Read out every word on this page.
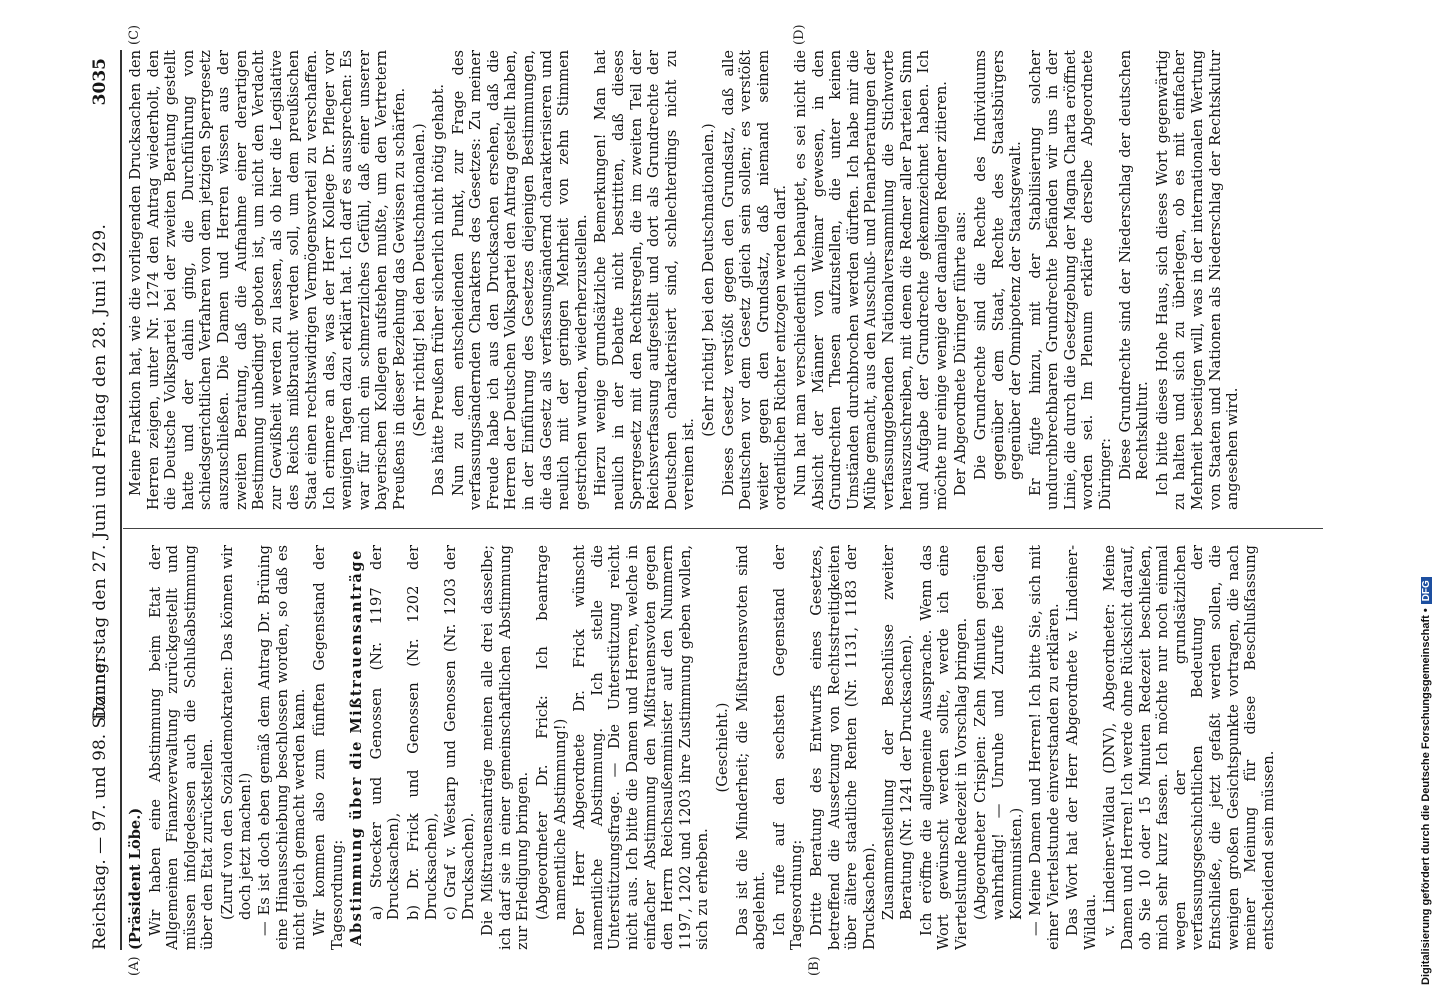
Reichstag. — 97. und 98. Sitzung.
Donnerstag den 27. Juni und Freitag den 28. Juni 1929.
3035
(A)	(B)
(C)	(D)

(Präsident Löbe.) Wir haben eine Abstimmung beim Etat der Allgemeinen Finanzverwaltung zurückgestellt und müssen infolgedessen auch die Schlußabstimmung über den Etat zurückstellen. (Zuruf von den Sozialdemokraten: Das können wir doch jetzt machen!) — Es ist doch eben gemäß dem Antrag Dr. Brüning eine Hinausschiebung beschlossen worden, so daß es nicht gleich gemacht werden kann. Wir kommen also zum fünften Gegenstand der Tagesordnung: Abstimmung über die Mißtrauensanträge a) Stoecker und Genossen (Nr. 1197 der Drucksachen), b) Dr. Frick und Genossen (Nr. 1202 der Drucksachen), c) Graf v. Westarp und Genossen (Nr. 1203 der Drucksachen). Die Mißtrauensanträge meinen alle drei dasselbe; ich darf sie in einer gemeinschaftlichen Abstimmung zur Erledigung bringen. (Abgeordneter Dr. Frick: Ich beantrage namentliche Abstimmung!) Der Herr Abgeordnete Dr. Frick wünscht namentliche Abstimmung. Ich stelle die Unterstützungsfrage. — Die Unterstützung reicht nicht aus. Ich bitte die Damen und Herren, welche in einfacher Abstimmung den Mißtrauensvoten gegen den Herrn Reichsaußenminister auf den Nummern 1197, 1202 und 1203 ihre Zustimmung geben wollen, sich zu erheben.

(Geschieht.) Das ist die Minderheit; die Mißtrauensvoten sind abgelehnt. Ich rufe auf den sechsten Gegenstand der Tagesordnung: Dritte Beratung des Entwurfs eines Gesetzes, betreffend die Aussetzung von Rechtsstreitigkeiten über ältere staatliche Renten (Nr. 1131, 1183 der Drucksachen). Zusammenstellung der Beschlüsse zweiter Beratung (Nr. 1241 der Drucksachen). Ich eröffne die allgemeine Aussprache. Wenn das Wort gewünscht werden sollte, werde ich eine Viertelstunde Redezeit in Vorschlag bringen. (Abgeordneter Crispien: Zehn Minuten genügen wahrhaftig! — Unruhe und Zurufe bei den Kommunisten.) — Meine Damen und Herren! Ich bitte Sie, sich mit einer Viertelstunde einverstanden zu erklären. Das Wort hat der Herr Abgeordnete v. Lindeiner-Wildau. v. Lindeiner-Wildau (DNV), Abgeordneter: Meine Damen und Herren! Ich werde ohne Rücksicht darauf, ob Sie 10 oder 15 Minuten Redezeit beschließen, mich sehr kurz fassen. Ich möchte nur noch einmal wegen der grundsätzlichen verfassungsgeschichtlichen Bedeutung der Entschließe, die jetzt gefaßt werden sollen, die wenigen großen Gesichtspunkte vortragen, die nach meiner Meinung für diese Beschlußfassung entscheidend sein müssen.

Meine Fraktion hat, wie die vorliegenden Drucksachen den Herren zeigen, unter Nr. 1274 den Antrag wiederholt, den die Deutsche Volkspartei bei der zweiten Beratung gestellt hatte und der dahin ging, die Durchführung von schiedsgerichtlichen Verfahren von dem jetzigen Sperrgesetz auszuschließen. Die Damen und Herren wissen aus der zweiten Beratung, daß die Aufnahme einer derartigen Bestimmung unbedingt geboten ist, um nicht den Verdacht zur Gewißheit werden zu lassen, als ob hier die Legislative des Reichs mißbraucht werden soll, um dem preußischen Staat einen rechtswidrigen Vermögensvorteil zu verschaffen. Ich erinnere an das, was der Herr Kollege Dr. Pfleger vor wenigen Tagen dazu erklärt hat. Ich darf es aussprechen: Es war für mich ein schmerzliches Gefühl, daß einer unserer bayerischen Kollegen aufstehen mußte, um den Vertretern Preußens in dieser Beziehung das Gewissen zu schärfen. (Sehr richtig! bei den Deutschnationalen.) Das hätte Preußen früher sicherlich nicht nötig gehabt. Nun zu dem entscheidenden Punkt, zur Frage des verfassungsändernden Charakters des Gesetzes: Zu meiner Freude habe ich aus den Drucksachen ersehen, daß die Herren der Deutschen Volkspartei den Antrag gestellt haben, in der Einführung des Gesetzes diejenigen Bestimmungen, die das Gesetz als verfassungsändernd charakterisieren und neulich mit der geringen Mehrheit von zehn Stimmen gestrichen wurden, wiederherzustellen. Hierzu wenige grundsätzliche Bemerkungen! Man hat neulich in der Debatte nicht bestritten, daß dieses Sperrgesetz mit den Rechtsregeln, die im zweiten Teil der Reichsverfassung aufgestellt und dort als Grundrechte der Deutschen charakterisiert sind, schlechterdings nicht zu vereinen ist.

(Sehr richtig! bei den Deutschnationalen.) Dieses Gesetz verstößt gegen den Grundsatz, daß alle Deutschen vor dem Gesetz gleich sein sollen; es verstößt weiter gegen den Grundsatz, daß niemand seinem ordentlichen Richter entzogen werden darf. Nun hat man verschiedentlich behauptet, es sei nicht die Absicht der Männer von Weimar gewesen, in den Grundrechten Thesen aufzustellen, die unter keinen Umständen durchbrochen werden dürften. Ich habe mir die Mühe gemacht, aus den Ausschuß- und Plenarberatungen der verfassunggebenden Nationalversammlung die Stichworte herauszuschreiben, mit denen die Redner aller Parteien Sinn und Aufgabe der Grundrechte gekennzeichnet haben. Ich möchte nur einige wenige der damaligen Redner zitieren. Der Abgeordnete Düringer führte aus: Die Grundrechte sind die Rechte des Individuums gegenüber dem Staat, Rechte des Staatsbürgers gegenüber der Omnipotenz der Staatsgewalt. Er fügte hinzu, mit der Stabilisierung solcher undurchbrechbaren Grundrechte befänden wir uns in der Linie, die durch die Gesetzgebung der Magna Charta eröffnet worden sei. Im Plenum erklärte derselbe Abgeordnete Düringer: Diese Grundrechte sind der Niederschlag der deutschen Rechtskultur. Ich bitte dieses Hohe Haus, sich dieses Wort gegenwärtig zu halten und sich zu überlegen, ob es mit einfacher Mehrheit beseitigen will, was in der internationalen Wertung von Staaten und Nationen als Niederschlag der Rechtskultur angesehen wird.

Digitalisierung gefördert durch die Deutsche Forschungsgemeinschaft •DFG
